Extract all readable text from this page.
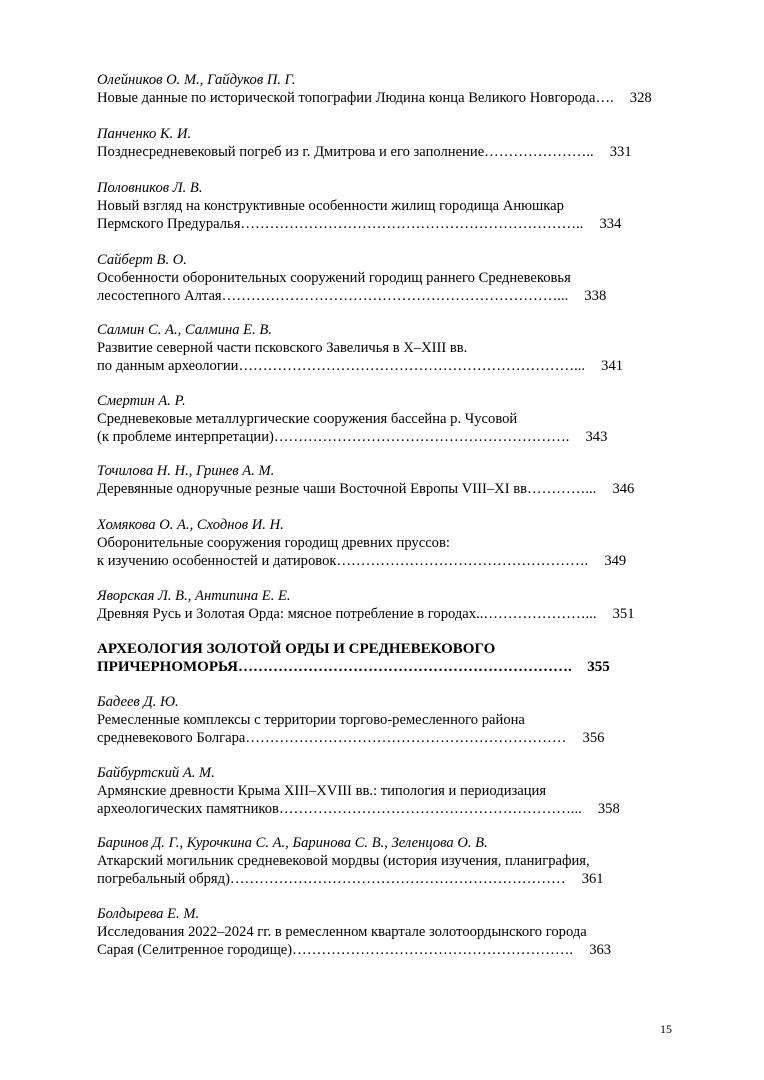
Олейников О. М., Гайдуков П. Г.
Новые данные по исторической топографии Людина конца Великого Новгорода….	328
Панченко К. И.
Позднесредневековый погреб из г. Дмитрова и его заполнение…………………..	331
Половников Л. В.
Новый взгляд на конструктивные особенности жилищ городища Анюшкар
Пермского Предуралья……………………………………………………………..	334
Сайберт В. О.
Особенности оборонительных сооружений городищ раннего Средневековья
лесостепного Алтая……………………………………………………………...	338
Салмин С. А., Салмина Е. В.
Развитие северной части псковского Завеличья в X–XIII вв.
по данным археологии……………………………………………………………...	341
Смертин А. Р.
Средневековые металлургические сооружения бассейна р. Чусовой
(к проблеме интерпретации)…………………………………………………….	343
Точилова Н. Н., Гринев А. М.
Деревянные одноручные резные чаши Восточной Европы VIII–XI вв…………...	346
Хомякова О. А., Сходнов И. Н.
Оборонительные сооружения городищ древних пруссов:
к изучению особенностей и датировок…………………………………………….	349
Яворская Л. В., Антипина Е. Е.
Древняя Русь и Золотая Орда: мясное потребление в городах..…………………...	351
АРХЕОЛОГИЯ ЗОЛОТОЙ ОРДЫ И СРЕДНЕВЕКОВОГО
ПРИЧЕРНОМОРЬЯ………………………………………………………….	355
Бадеев Д. Ю.
Ремесленные комплексы с территории торгово-ремесленного района
средневекового Болгара…………………………………………………………	356
Байбуртский А. М.
Армянские древности Крыма XIII–XVIII вв.: типология и периодизация
археологических памятников……………………………………………………...	358
Баринов Д. Г., Курочкина С. А., Баринова С. В., Зеленцова О. В.
Аткарский могильник средневековой мордвы (история изучения, планиграфия,
погребальный обряд)……………………………………………………………	361
Болдырева Е. М.
Исследования 2022–2024 гг. в ремесленном квартале золотоордынского города
Сарая (Селитренное городище)………………………………………………….	363
15
